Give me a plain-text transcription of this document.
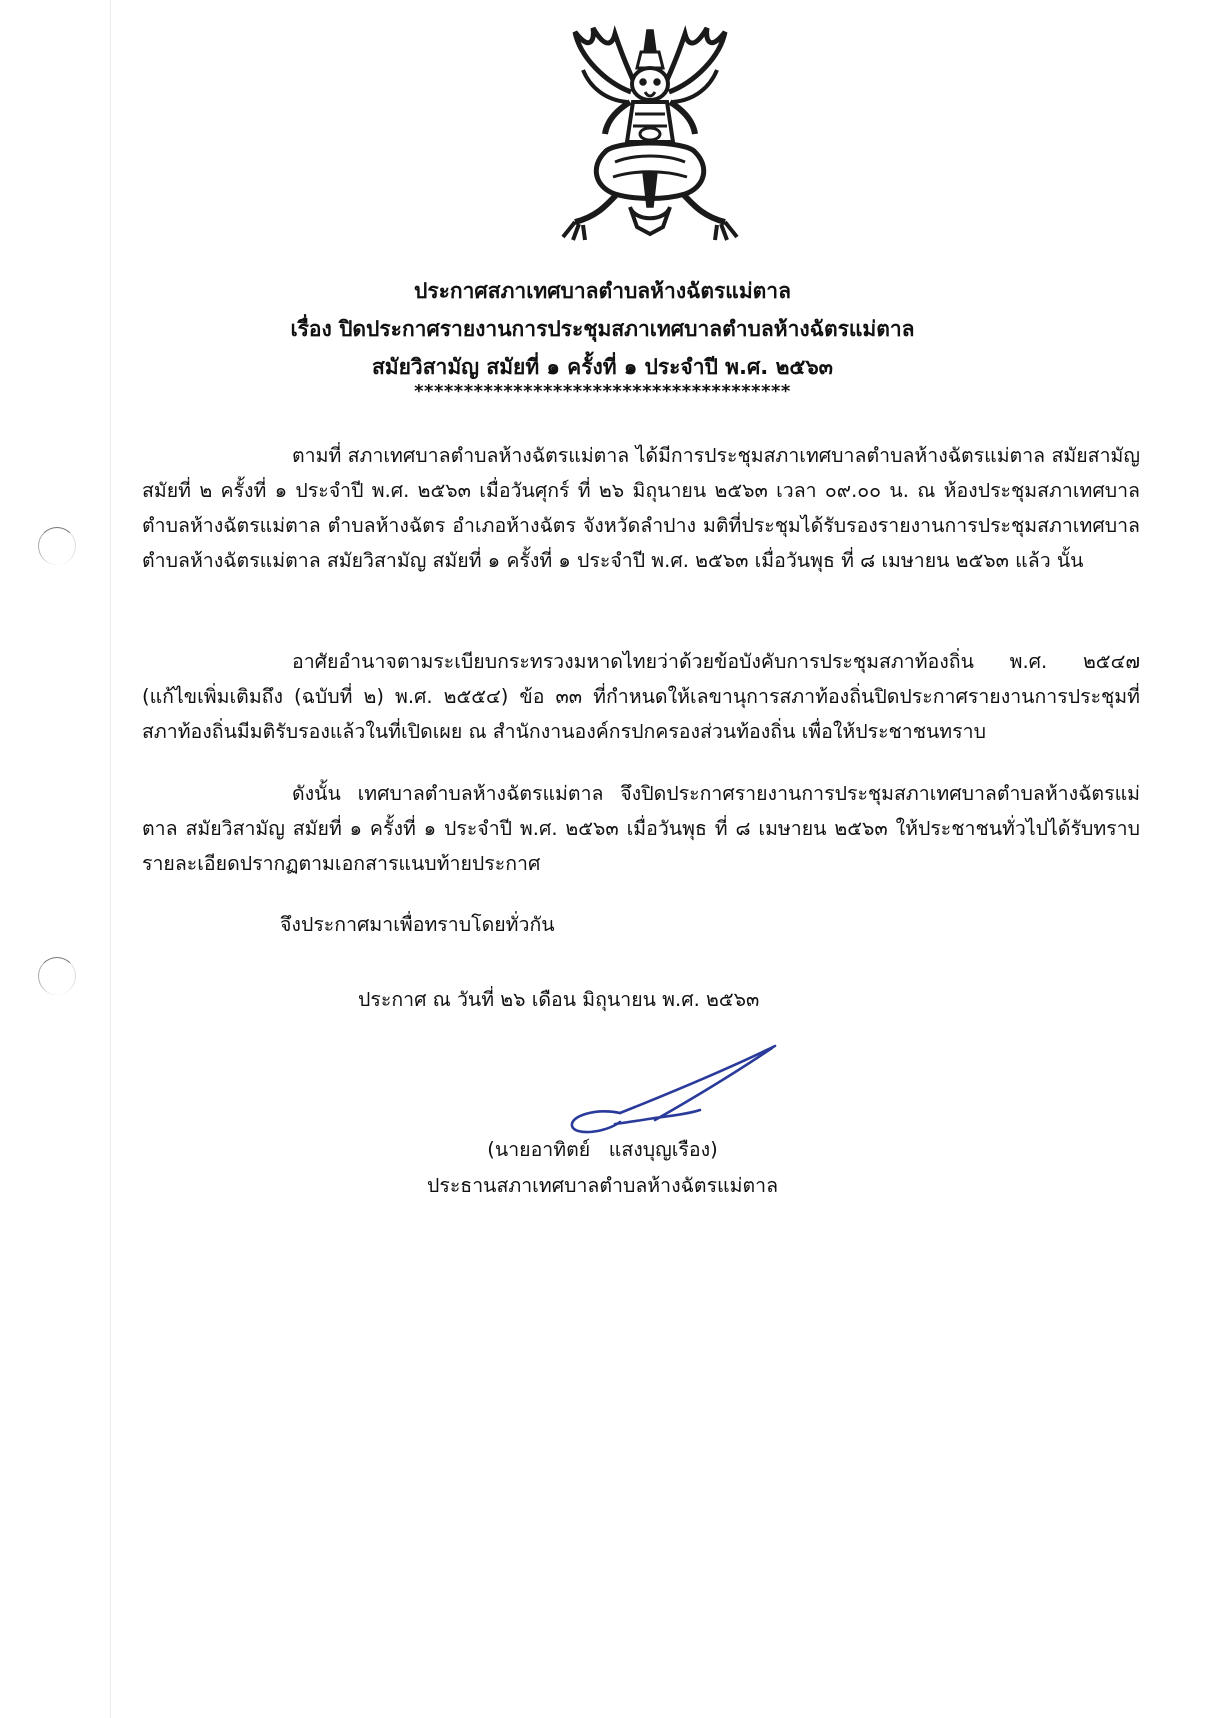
ประกาศสภาเทศบาลตำบลห้างฉัตรแม่ตาล
เรื่อง ปิดประกาศรายงานการประชุมสภาเทศบาลตำบลห้างฉัตรแม่ตาล
สมัยวิสามัญ สมัยที่ ๑ ครั้งที่ ๑ ประจำปี พ.ศ. ๒๕๖๓
**************************************
ตามที่ สภาเทศบาลตำบลห้างฉัตรแม่ตาล ได้มีการประชุมสภาเทศบาลตำบลห้างฉัตรแม่ตาล สมัยสามัญ สมัยที่ ๒ ครั้งที่ ๑ ประจำปี พ.ศ. ๒๕๖๓ เมื่อวันศุกร์ ที่ ๒๖ มิถุนายน ๒๕๖๓ เวลา ๐๙.๐๐ น. ณ ห้องประชุมสภาเทศบาลตำบลห้างฉัตรแม่ตาล ตำบลห้างฉัตร อำเภอห้างฉัตร จังหวัดลำปาง มติที่ประชุมได้รับรองรายงานการประชุมสภาเทศบาลตำบลห้างฉัตรแม่ตาล สมัยวิสามัญ สมัยที่ ๑ ครั้งที่ ๑ ประจำปี พ.ศ. ๒๕๖๓ เมื่อวันพุธ ที่ ๘ เมษายน ๒๕๖๓ แล้ว นั้น
อาศัยอำนาจตามระเบียบกระทรวงมหาดไทยว่าด้วยข้อบังคับการประชุมสภาท้องถิ่น พ.ศ. ๒๕๔๗ (แก้ไขเพิ่มเติมถึง (ฉบับที่ ๒) พ.ศ. ๒๕๕๔) ข้อ ๓๓ ที่กำหนดให้เลขานุการสภาท้องถิ่นปิดประกาศรายงานการประชุมที่สภาท้องถิ่นมีมติรับรองแล้วในที่เปิดเผย ณ สำนักงานองค์กรปกครองส่วนท้องถิ่น เพื่อให้ประชาชนทราบ
ดังนั้น เทศบาลตำบลห้างฉัตรแม่ตาล จึงปิดประกาศรายงานการประชุมสภาเทศบาลตำบลห้างฉัตรแม่ตาล สมัยวิสามัญ สมัยที่ ๑ ครั้งที่ ๑ ประจำปี พ.ศ. ๒๕๖๓ เมื่อวันพุธ ที่ ๘ เมษายน ๒๕๖๓ ให้ประชาชนทั่วไปได้รับทราบ รายละเอียดปรากฏตามเอกสารแนบท้ายประกาศ
จึงประกาศมาเพื่อทราบโดยทั่วกัน
ประกาศ ณ วันที่ ๒๖ เดือน มิถุนายน พ.ศ. ๒๕๖๓
(นายอาทิตย์   แสงบุญเรือง)
ประธานสภาเทศบาลตำบลห้างฉัตรแม่ตาล
